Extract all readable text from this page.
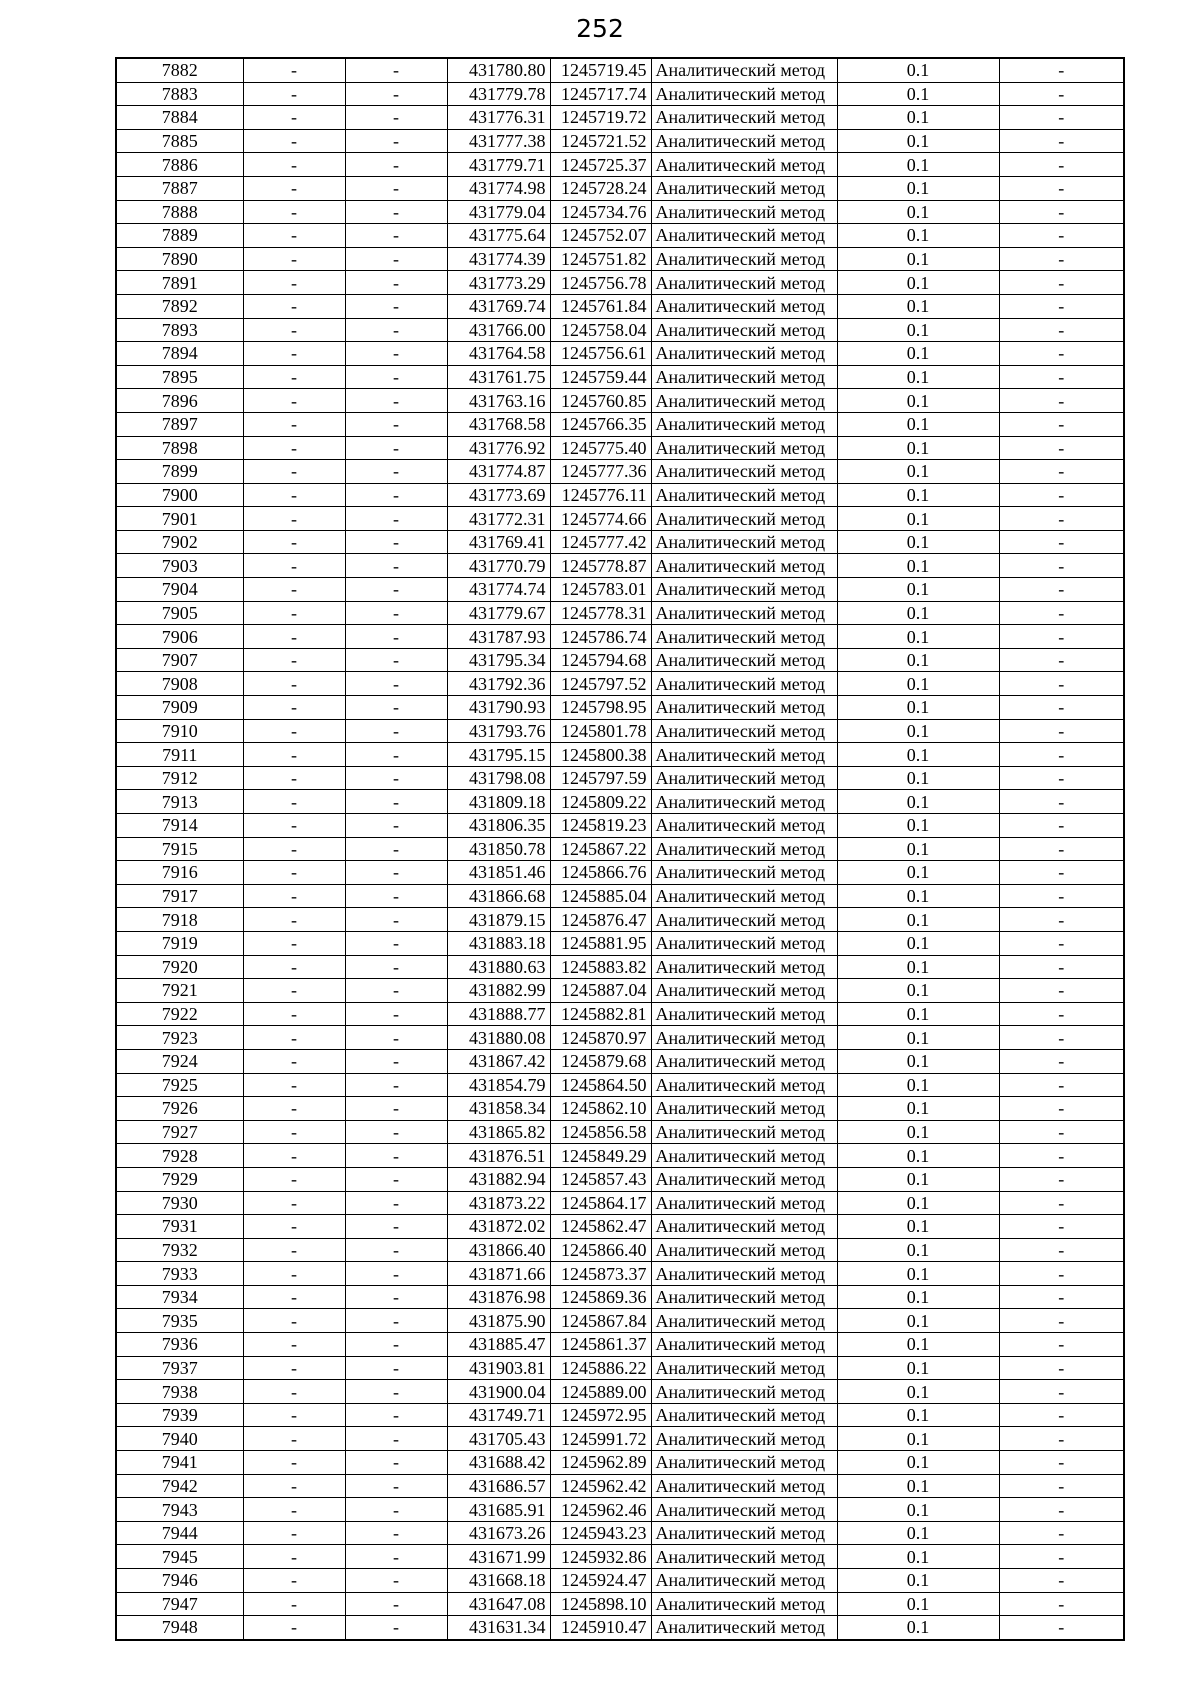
252
7882	-	-	431780.80	1245719.45	Аналитический метод	0.1	-
7883	-	-	431779.78	1245717.74	Аналитический метод	0.1	-
7884	-	-	431776.31	1245719.72	Аналитический метод	0.1	-
7885	-	-	431777.38	1245721.52	Аналитический метод	0.1	-
7886	-	-	431779.71	1245725.37	Аналитический метод	0.1	-
7887	-	-	431774.98	1245728.24	Аналитический метод	0.1	-
7888	-	-	431779.04	1245734.76	Аналитический метод	0.1	-
7889	-	-	431775.64	1245752.07	Аналитический метод	0.1	-
7890	-	-	431774.39	1245751.82	Аналитический метод	0.1	-
7891	-	-	431773.29	1245756.78	Аналитический метод	0.1	-
7892	-	-	431769.74	1245761.84	Аналитический метод	0.1	-
7893	-	-	431766.00	1245758.04	Аналитический метод	0.1	-
7894	-	-	431764.58	1245756.61	Аналитический метод	0.1	-
7895	-	-	431761.75	1245759.44	Аналитический метод	0.1	-
7896	-	-	431763.16	1245760.85	Аналитический метод	0.1	-
7897	-	-	431768.58	1245766.35	Аналитический метод	0.1	-
7898	-	-	431776.92	1245775.40	Аналитический метод	0.1	-
7899	-	-	431774.87	1245777.36	Аналитический метод	0.1	-
7900	-	-	431773.69	1245776.11	Аналитический метод	0.1	-
7901	-	-	431772.31	1245774.66	Аналитический метод	0.1	-
7902	-	-	431769.41	1245777.42	Аналитический метод	0.1	-
7903	-	-	431770.79	1245778.87	Аналитический метод	0.1	-
7904	-	-	431774.74	1245783.01	Аналитический метод	0.1	-
7905	-	-	431779.67	1245778.31	Аналитический метод	0.1	-
7906	-	-	431787.93	1245786.74	Аналитический метод	0.1	-
7907	-	-	431795.34	1245794.68	Аналитический метод	0.1	-
7908	-	-	431792.36	1245797.52	Аналитический метод	0.1	-
7909	-	-	431790.93	1245798.95	Аналитический метод	0.1	-
7910	-	-	431793.76	1245801.78	Аналитический метод	0.1	-
7911	-	-	431795.15	1245800.38	Аналитический метод	0.1	-
7912	-	-	431798.08	1245797.59	Аналитический метод	0.1	-
7913	-	-	431809.18	1245809.22	Аналитический метод	0.1	-
7914	-	-	431806.35	1245819.23	Аналитический метод	0.1	-
7915	-	-	431850.78	1245867.22	Аналитический метод	0.1	-
7916	-	-	431851.46	1245866.76	Аналитический метод	0.1	-
7917	-	-	431866.68	1245885.04	Аналитический метод	0.1	-
7918	-	-	431879.15	1245876.47	Аналитический метод	0.1	-
7919	-	-	431883.18	1245881.95	Аналитический метод	0.1	-
7920	-	-	431880.63	1245883.82	Аналитический метод	0.1	-
7921	-	-	431882.99	1245887.04	Аналитический метод	0.1	-
7922	-	-	431888.77	1245882.81	Аналитический метод	0.1	-
7923	-	-	431880.08	1245870.97	Аналитический метод	0.1	-
7924	-	-	431867.42	1245879.68	Аналитический метод	0.1	-
7925	-	-	431854.79	1245864.50	Аналитический метод	0.1	-
7926	-	-	431858.34	1245862.10	Аналитический метод	0.1	-
7927	-	-	431865.82	1245856.58	Аналитический метод	0.1	-
7928	-	-	431876.51	1245849.29	Аналитический метод	0.1	-
7929	-	-	431882.94	1245857.43	Аналитический метод	0.1	-
7930	-	-	431873.22	1245864.17	Аналитический метод	0.1	-
7931	-	-	431872.02	1245862.47	Аналитический метод	0.1	-
7932	-	-	431866.40	1245866.40	Аналитический метод	0.1	-
7933	-	-	431871.66	1245873.37	Аналитический метод	0.1	-
7934	-	-	431876.98	1245869.36	Аналитический метод	0.1	-
7935	-	-	431875.90	1245867.84	Аналитический метод	0.1	-
7936	-	-	431885.47	1245861.37	Аналитический метод	0.1	-
7937	-	-	431903.81	1245886.22	Аналитический метод	0.1	-
7938	-	-	431900.04	1245889.00	Аналитический метод	0.1	-
7939	-	-	431749.71	1245972.95	Аналитический метод	0.1	-
7940	-	-	431705.43	1245991.72	Аналитический метод	0.1	-
7941	-	-	431688.42	1245962.89	Аналитический метод	0.1	-
7942	-	-	431686.57	1245962.42	Аналитический метод	0.1	-
7943	-	-	431685.91	1245962.46	Аналитический метод	0.1	-
7944	-	-	431673.26	1245943.23	Аналитический метод	0.1	-
7945	-	-	431671.99	1245932.86	Аналитический метод	0.1	-
7946	-	-	431668.18	1245924.47	Аналитический метод	0.1	-
7947	-	-	431647.08	1245898.10	Аналитический метод	0.1	-
7948	-	-	431631.34	1245910.47	Аналитический метод	0.1	-
